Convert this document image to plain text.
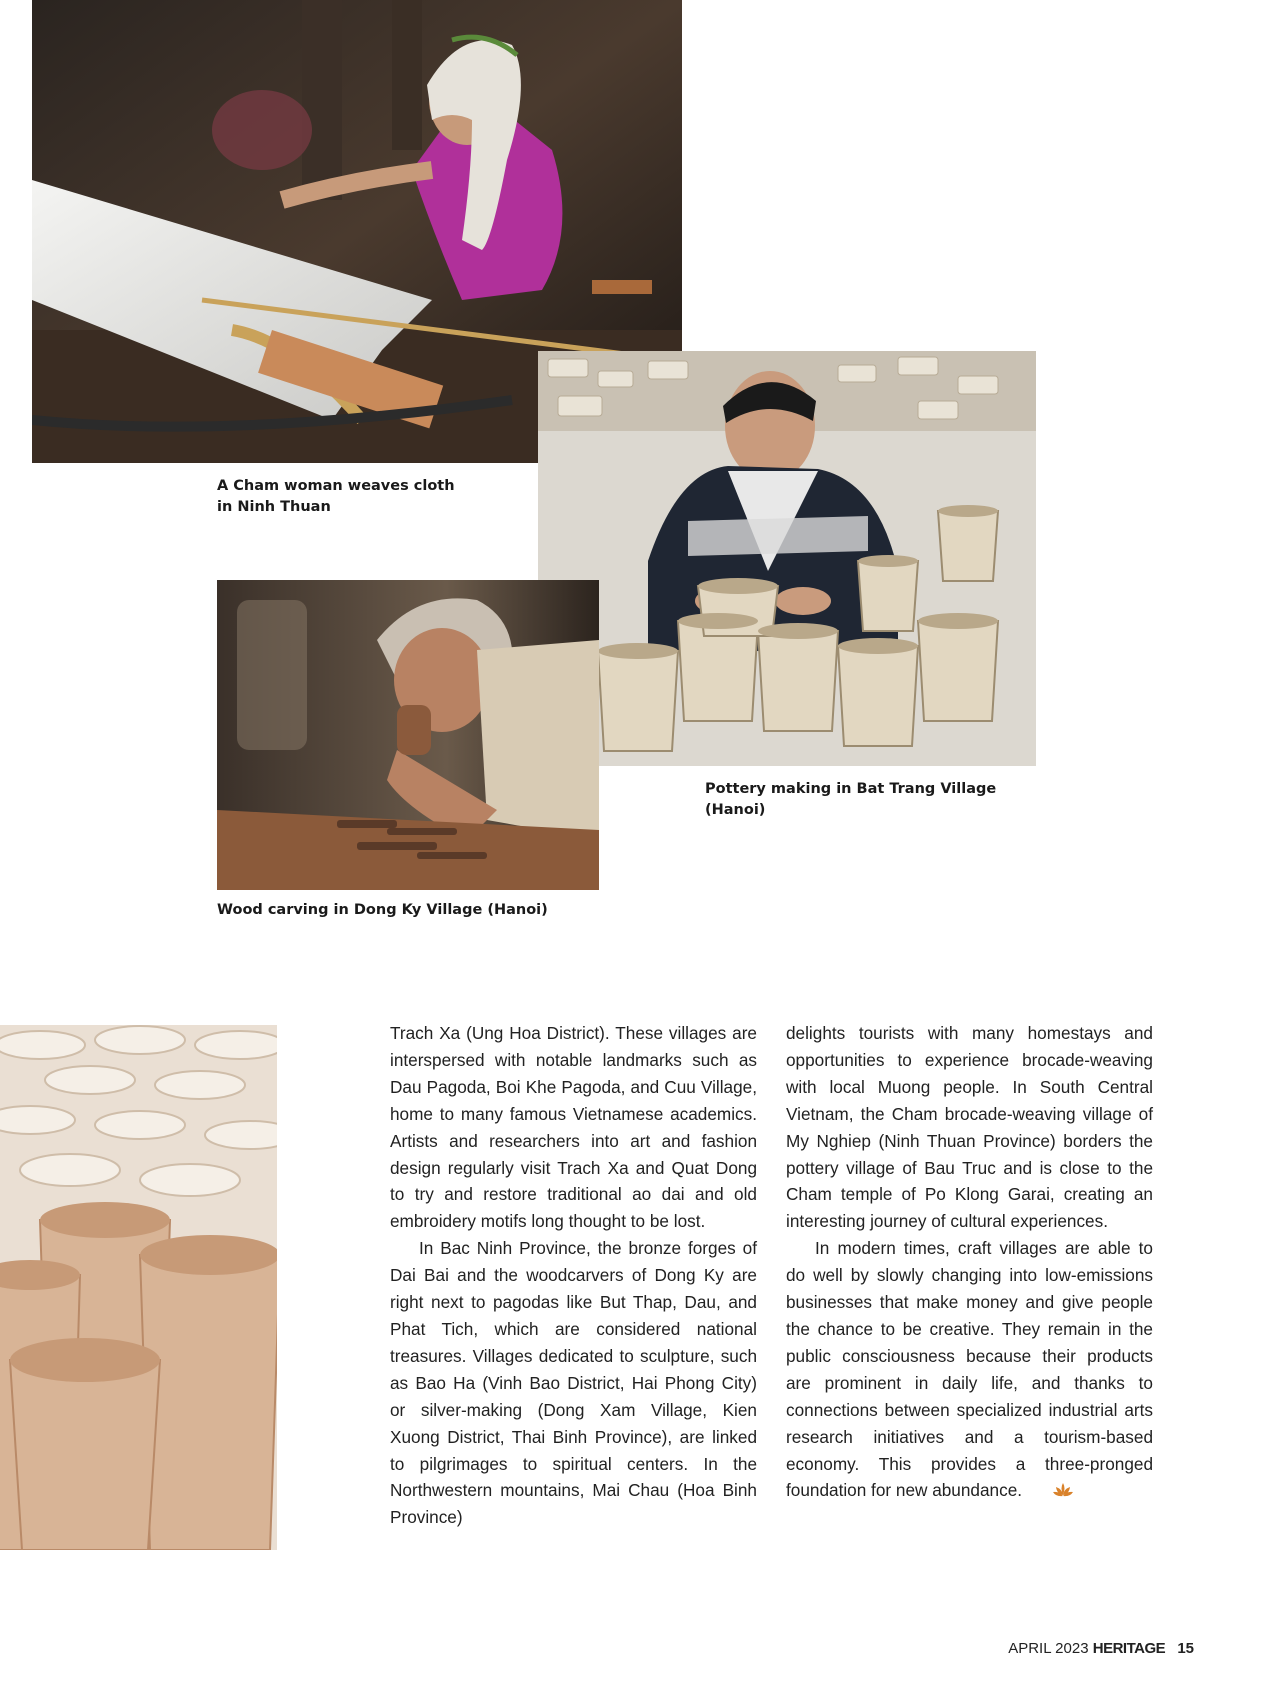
A Cham woman weaves cloth
in Ninh Thuan

Pottery making in Bat Trang Village (Hanoi)

Wood carving in Dong Ky Village (Hanoi)

Trach Xa (Ung Hoa District). These villages are interspersed with notable landmarks such as Dau Pagoda, Boi Khe Pagoda, and Cuu Village, home to many famous Vietnamese academics. Artists and researchers into art and fashion design regularly visit Trach Xa and Quat Dong to try and restore traditional ao dai and old embroidery motifs long thought to be lost.

In Bac Ninh Province, the bronze forges of Dai Bai and the woodcarvers of Dong Ky are right next to pagodas like But Thap, Dau, and Phat Tich, which are considered national treasures. Villages dedicated to sculpture, such as Bao Ha (Vinh Bao District, Hai Phong City) or silver-making (Dong Xam Village, Kien Xuong District, Thai Binh Province), are linked to pilgrimages to spiritual centers. In the Northwestern mountains, Mai Chau (Hoa Binh Province)

delights tourists with many homestays and opportunities to experience brocade-weaving with local Muong people. In South Central Vietnam, the Cham brocade-weaving village of My Nghiep (Ninh Thuan Province) borders the pottery village of Bau Truc and is close to the Cham temple of Po Klong Garai, creating an interesting journey of cultural experiences.

In modern times, craft villages are able to do well by slowly changing into low-emissions businesses that make money and give people the chance to be creative. They remain in the public consciousness because their products are prominent in daily life, and thanks to connections between specialized industrial arts research initiatives and a tourism-based economy. This provides a three-pronged foundation for new abundance.

APRIL 2023 HERITAGE 15
